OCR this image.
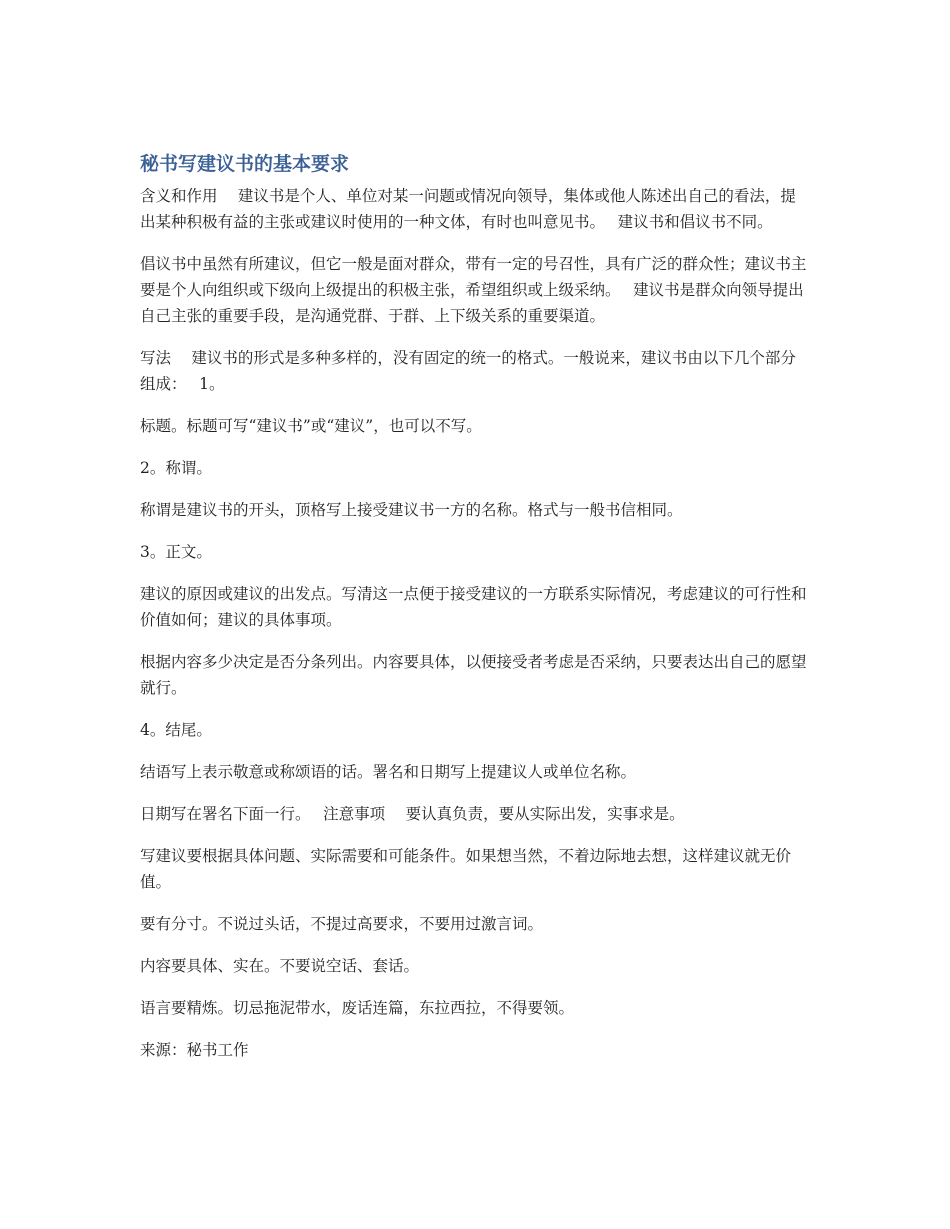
秘书写建议书的基本要求

含义和作用　 建议书是个人、单位对某一问题或情况向领导，集体或他人陈述出自己的看法，提出某种积极有益的主张或建议时使用的一种文体，有时也叫意见书。　 建议书和倡议书不同。

倡议书中虽然有所建议，但它一般是面对群众，带有一定的号召性，具有广泛的群众性；建议书主要是个人向组织或下级向上级提出的积极主张，希望组织或上级采纳。　 建议书是群众向领导提出自己主张的重要手段，是沟通党群、于群、上下级关系的重要渠道。

写法　 建议书的形式是多种多样的，没有固定的统一的格式。一般说来，建议书由以下几个部分组成：　 1。

标题。标题可写“建议书”或“建议”，也可以不写。

2。称谓。

称谓是建议书的开头，顶格写上接受建议书一方的名称。格式与一般书信相同。

3。正文。

建议的原因或建议的出发点。写清这一点便于接受建议的一方联系实际情况，考虑建议的可行性和价值如何；建议的具体事项。

根据内容多少决定是否分条列出。内容要具体，以便接受者考虑是否采纳，只要表达出自己的愿望就行。

4。结尾。

结语写上表示敬意或称颂语的话。署名和日期写上提建议人或单位名称。

日期写在署名下面一行。　 注意事项　 要认真负责，要从实际出发，实事求是。

写建议要根据具体问题、实际需要和可能条件。如果想当然，不着边际地去想，这样建议就无价值。

要有分寸。不说过头话，不提过高要求，不要用过激言词。

内容要具体、实在。不要说空话、套话。

语言要精炼。切忌拖泥带水，废话连篇，东拉西拉，不得要领。

来源：秘书工作
